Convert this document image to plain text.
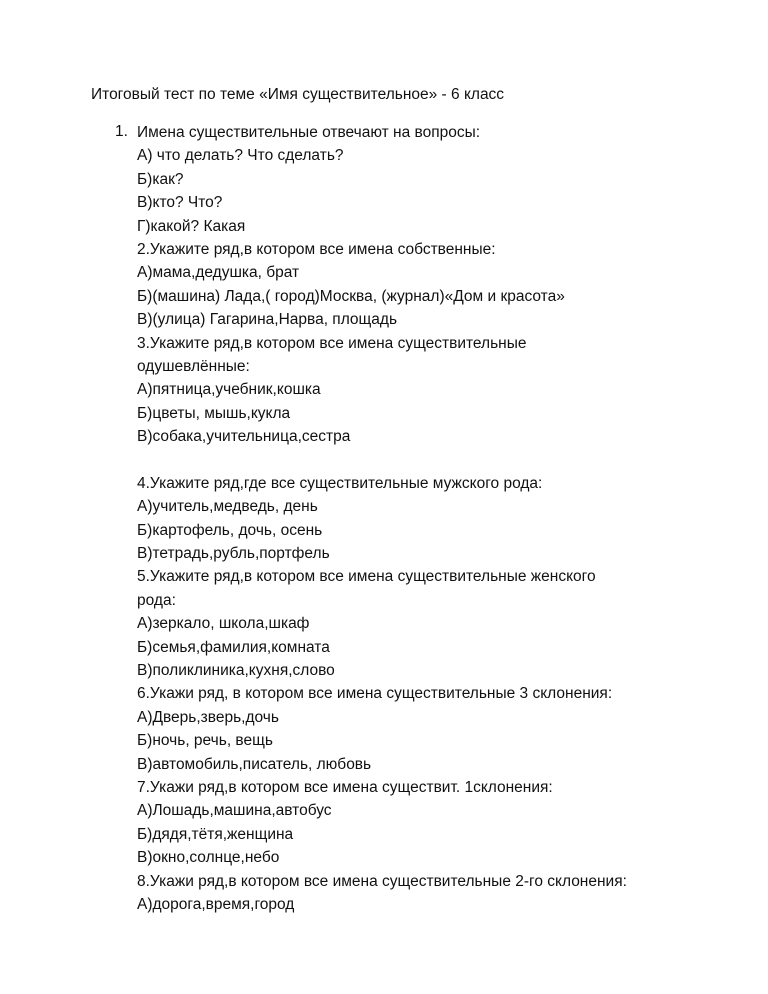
Итоговый тест по теме «Имя существительное» - 6 класс
1. Имена существительные отвечают на вопросы:
А) что делать? Что сделать?
Б)как?
В)кто? Что?
Г)какой? Какая
2.Укажите ряд,в котором все имена собственные:
А)мама,дедушка, брат
Б)(машина) Лада,( город)Москва, (журнал)«Дом и красота»
В)(улица) Гагарина,Нарва, площадь
3.Укажите ряд,в котором все имена существительные
одушевлённые:
А)пятница,учебник,кошка
Б)цветы, мышь,кукла
В)собака,учительница,сестра
4.Укажите ряд,где все существительные мужского рода:
А)учитель,медведь, день
Б)картофель, дочь, осень
В)тетрадь,рубль,портфель
5.Укажите ряд,в котором все имена существительные женского
рода:
А)зеркало, школа,шкаф
Б)семья,фамилия,комната
В)поликлиника,кухня,слово
6.Укажи ряд, в котором все имена существительные 3 склонения:
А)Дверь,зверь,дочь
Б)ночь, речь, вещь
В)автомобиль,писатель, любовь
7.Укажи ряд,в котором все имена существит. 1склонения:
А)Лошадь,машина,автобус
Б)дядя,тётя,женщина
В)окно,солнце,небо
8.Укажи ряд,в котором все имена существительные 2-го склонения:
А)дорога,время,город
